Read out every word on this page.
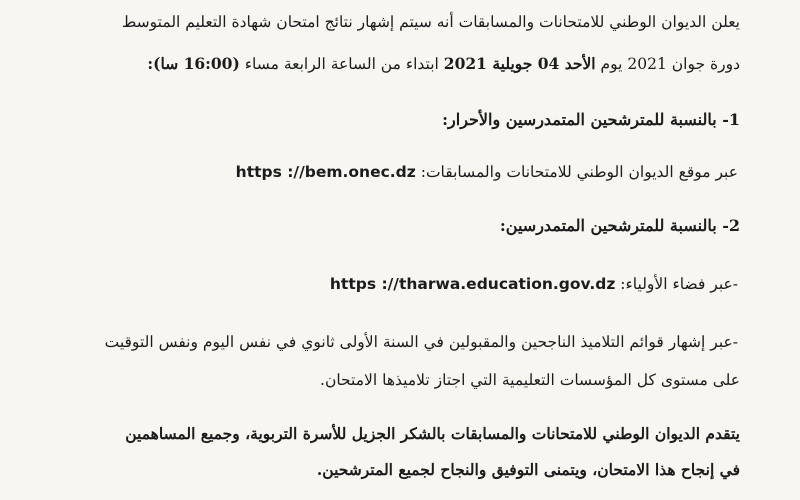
يعلن الديوان الوطني للامتحانات والمسابقات أنه سيتم إشهار نتائج امتحان شهادة التعليم المتوسط
دورة جوان 2021 يوم الأحد 04 جويلية 2021 ابتداء من الساعة الرابعة مساء (16:00 سا):
1- بالنسبة للمترشحين المتمدرسين والأحرار:
عبر موقع الديوان الوطني للامتحانات والمسابقات: https ://bem.onec.dz
2- بالنسبة للمترشحين المتمدرسين:
-عبر فضاء الأولياء: https ://tharwa.education.gov.dz
-عبر إشهار قوائم التلاميذ الناجحين والمقبولين في السنة الأولى ثانوي في نفس اليوم ونفس التوقيت
على مستوى كل المؤسسات التعليمية التي اجتاز تلاميذها الامتحان.
يتقدم الديوان الوطني للامتحانات والمسابقات بالشكر الجزيل للأسرة التربوية، وجميع المساهمين
في إنجاح هذا الامتحان، ويتمنى التوفيق والنجاح لجميع المترشحين.
